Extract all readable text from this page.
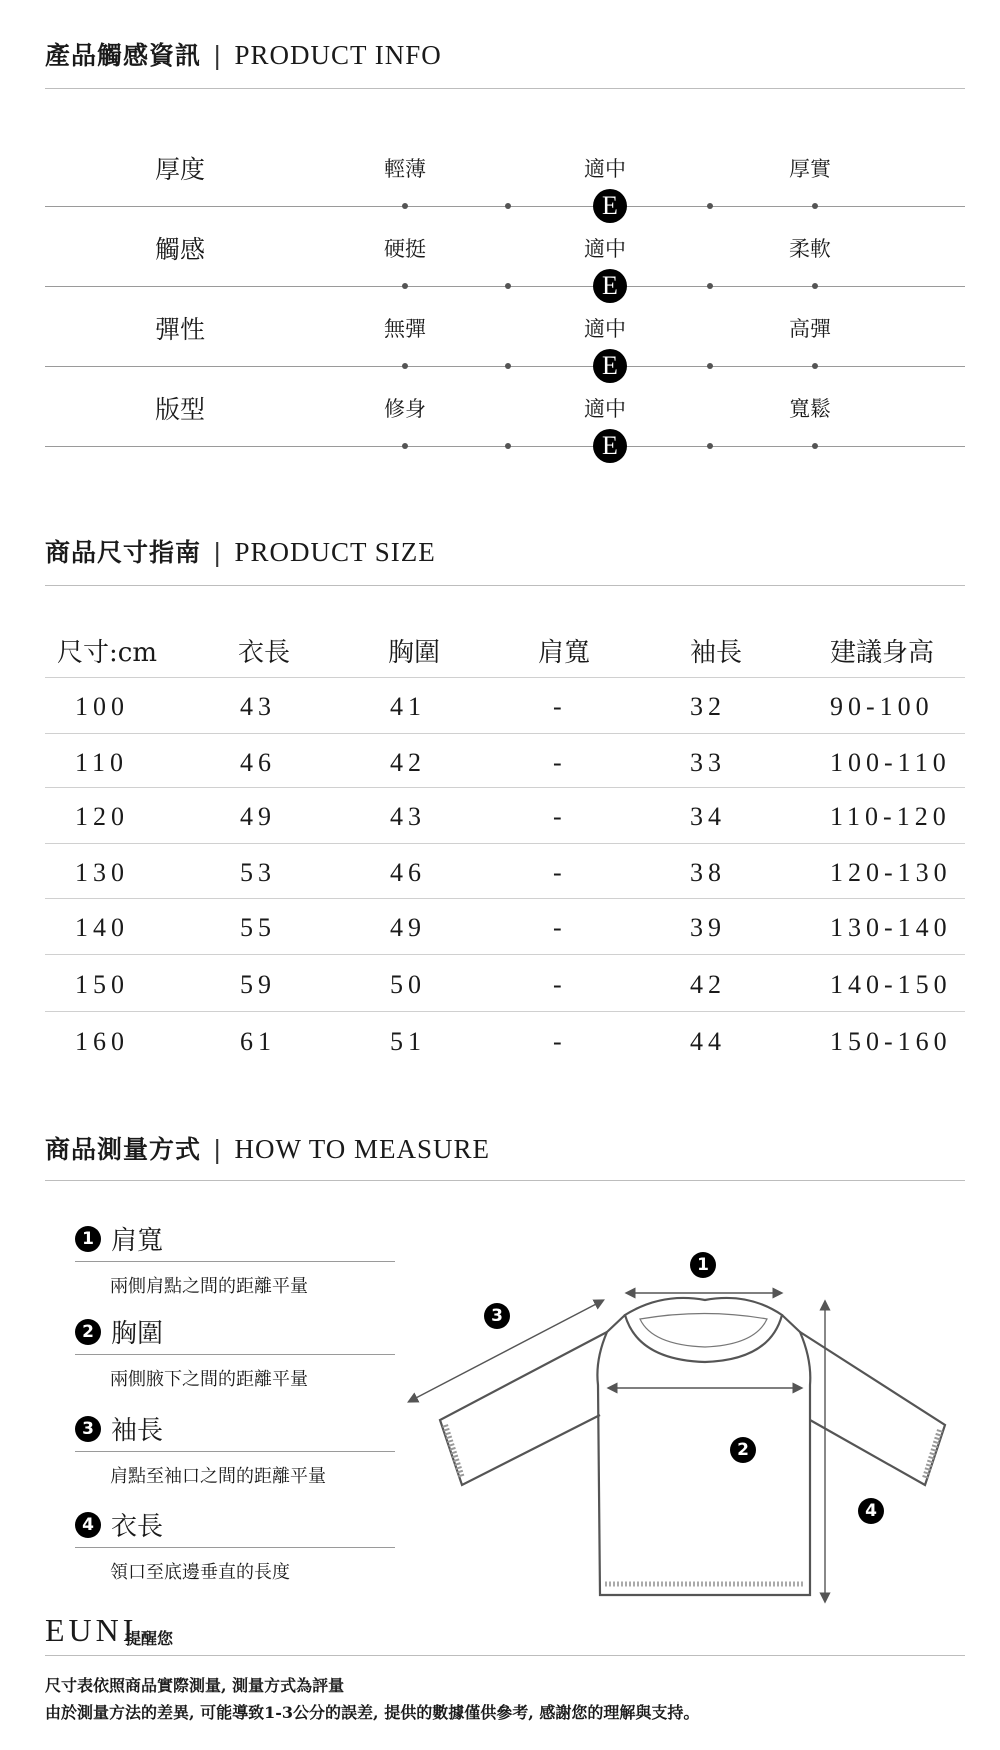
產品觸感資訊 | PRODUCT INFO
厚度	輕薄	適中	厚實
E
觸感	硬挺	適中	柔軟
E
彈性	無彈	適中	高彈
E
版型	修身	適中	寬鬆
E
商品尺寸指南 | PRODUCT SIZE
尺寸:cm	衣長	胸圍	肩寬	袖長	建議身高
100	43	41	-	32	90-100
110	46	42	-	33	100-110
120	49	43	-	34	110-120
130	53	46	-	38	120-130
140	55	49	-	39	130-140
150	59	50	-	42	140-150
160	61	51	-	44	150-160
商品測量方式 | HOW TO MEASURE
1 肩寬
兩側肩點之間的距離平量
2 胸圍
兩側腋下之間的距離平量
3 袖長
肩點至袖口之間的距離平量
4 衣長
領口至底邊垂直的長度
1
3
2
4
EUNI
提醒您
尺寸表依照商品實際測量, 測量方式為評量
由於測量方法的差異, 可能導致1-3公分的誤差, 提供的數據僅供參考, 感謝您的理解與支持。
